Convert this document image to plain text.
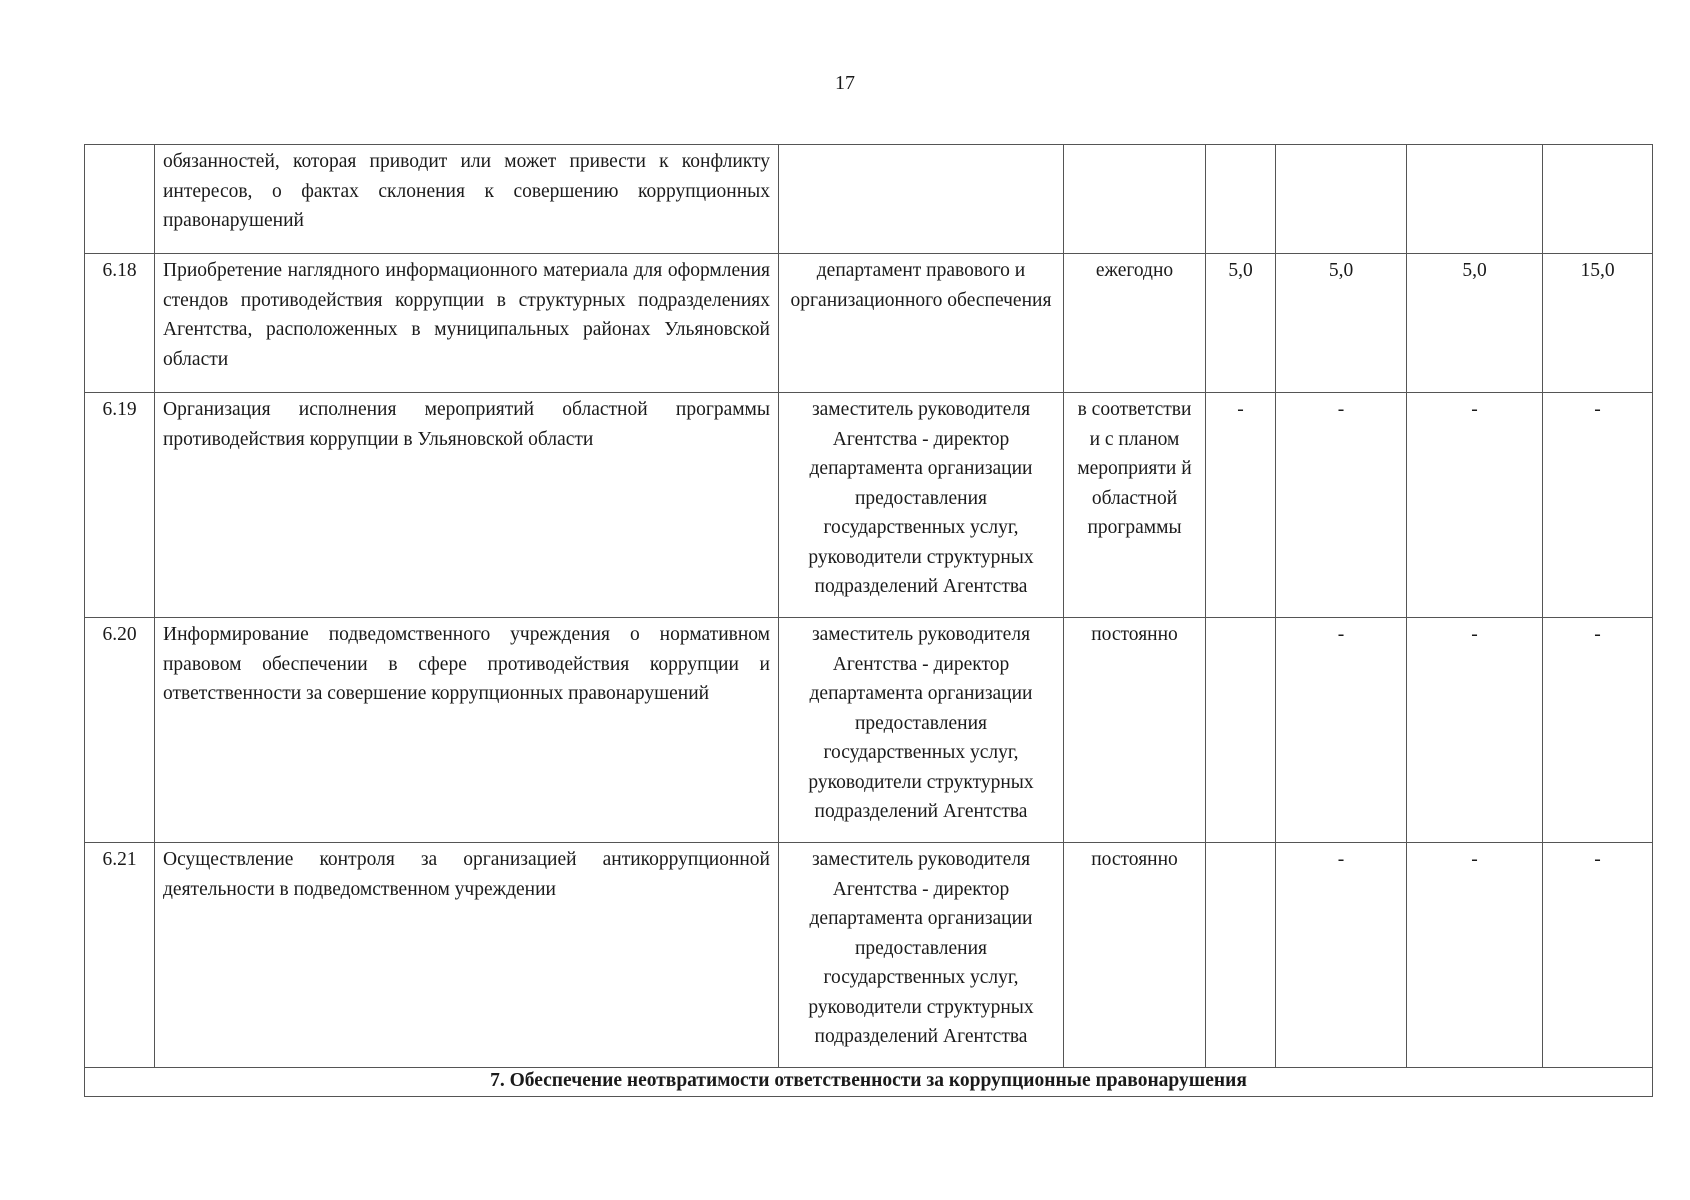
17
	обязанностей, которая приводит или может привести к конфликту интересов, о фактах склонения к совершению коррупционных правонарушений						
6.18	Приобретение наглядного информационного материала для оформления стендов противодействия коррупции в структурных подразделениях Агентства, расположенных в муниципальных районах Ульяновской области	департамент правового и организационного обеспечения	ежегодно	5,0	5,0	5,0	15,0
6.19	Организация исполнения мероприятий областной программы противодействия коррупции в Ульяновской области	заместитель руководителя Агентства - директор департамента организации предоставления государственных услуг, руководители структурных подразделений Агентства	в соответстви и с планом мероприяти й областной программы	-	-	-	-
6.20	Информирование подведомственного учреждения о нормативном правовом обеспечении в сфере противодействия коррупции и ответственности за совершение коррупционных правонарушений	заместитель руководителя Агентства - директор департамента организации предоставления государственных услуг, руководители структурных подразделений Агентства	постоянно		-	-	-
6.21	Осуществление контроля за организацией антикоррупционной деятельности в подведомственном учреждении	заместитель руководителя Агентства - директор департамента организации предоставления государственных услуг, руководители структурных подразделений Агентства	постоянно		-	-	-
7. Обеспечение неотвратимости ответственности за коррупционные правонарушения							
